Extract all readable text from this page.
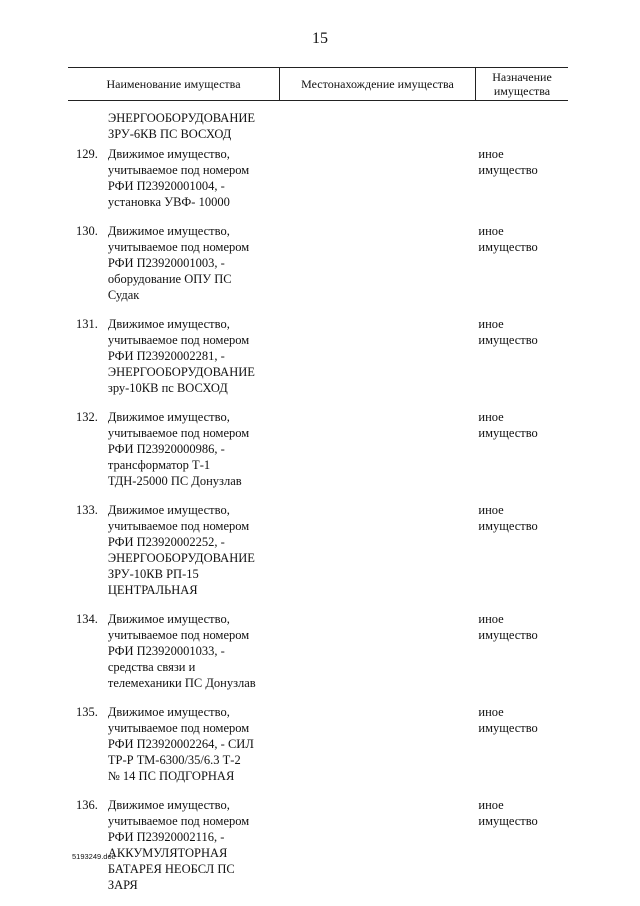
15
Наименование имущества	Местонахождение имущества	Назначение
имущества
ЭНЕРГООБОРУДОВАНИЕ
ЗРУ-6КВ ПС ВОСХОД
129. Движимое имущество,
учитываемое под номером
РФИ П23920001004, -
установка УВФ- 10000
иное
имущество
130. Движимое имущество,
учитываемое под номером
РФИ П23920001003, -
оборудование ОПУ ПС
Судак
иное
имущество
131. Движимое имущество,
учитываемое под номером
РФИ П23920002281, -
ЭНЕРГООБОРУДОВАНИЕ
зру-10КВ пс ВОСХОД
иное
имущество
132. Движимое имущество,
учитываемое под номером
РФИ П23920000986, -
трансформатор Т-1
ТДН-25000 ПС Донузлав
иное
имущество
133. Движимое имущество,
учитываемое под номером
РФИ П23920002252, -
ЭНЕРГООБОРУДОВАНИЕ
ЗРУ-10КВ РП-15
ЦЕНТРАЛЬНАЯ
иное
имущество
134. Движимое имущество,
учитываемое под номером
РФИ П23920001033, -
средства связи и
телемеханики ПС Донузлав
иное
имущество
135. Движимое имущество,
учитываемое под номером
РФИ П23920002264, - СИЛ
ТР-Р ТМ-6300/35/6.3 Т-2
№ 14 ПС ПОДГОРНАЯ
иное
имущество
136. Движимое имущество,
учитываемое под номером
РФИ П23920002116, -
АККУМУЛЯТОРНАЯ
БАТАРЕЯ НЕОБСЛ ПС
ЗАРЯ
иное
имущество
5193249.doc
